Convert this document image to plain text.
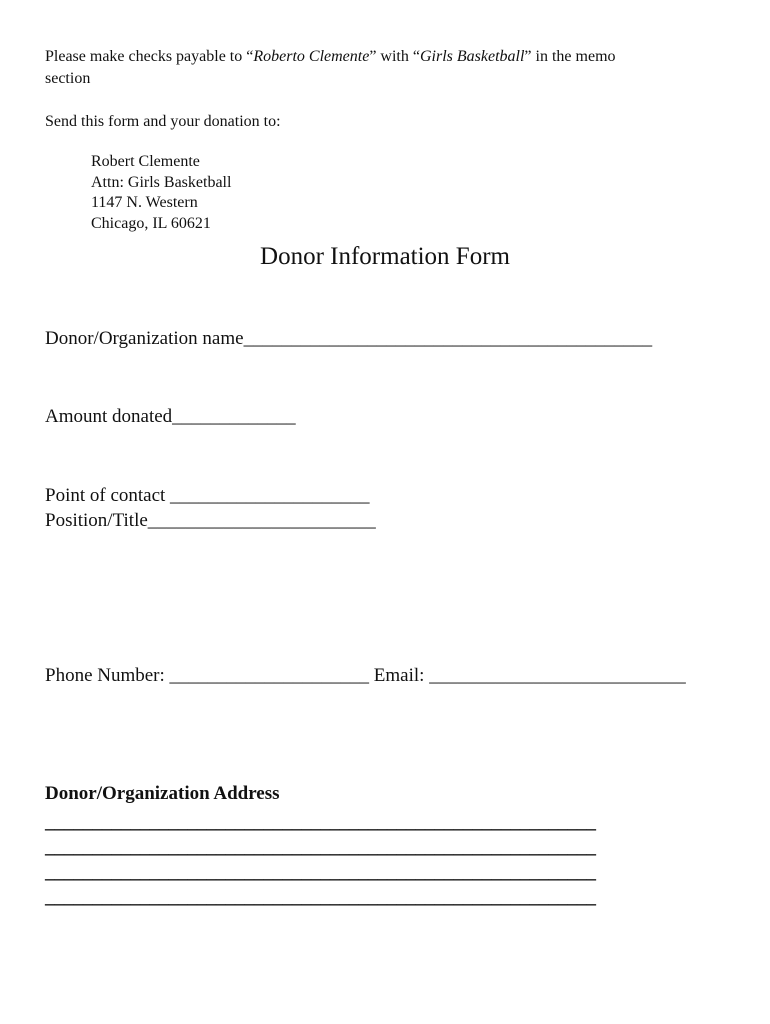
Please make checks payable to “Roberto Clemente” with “Girls Basketball” in the memo
section
Send this form and your donation to:
Robert Clemente
Attn: Girls Basketball
1147 N. Western
Chicago, IL 60621
Donor Information Form
Donor/Organization name___________________________________________
Amount donated_____________
Point of contact _____________________
Position/Title________________________
Phone Number: _____________________ Email: ___________________________
Donor/Organization Address
__________________________________________________________
__________________________________________________________
__________________________________________________________
__________________________________________________________
